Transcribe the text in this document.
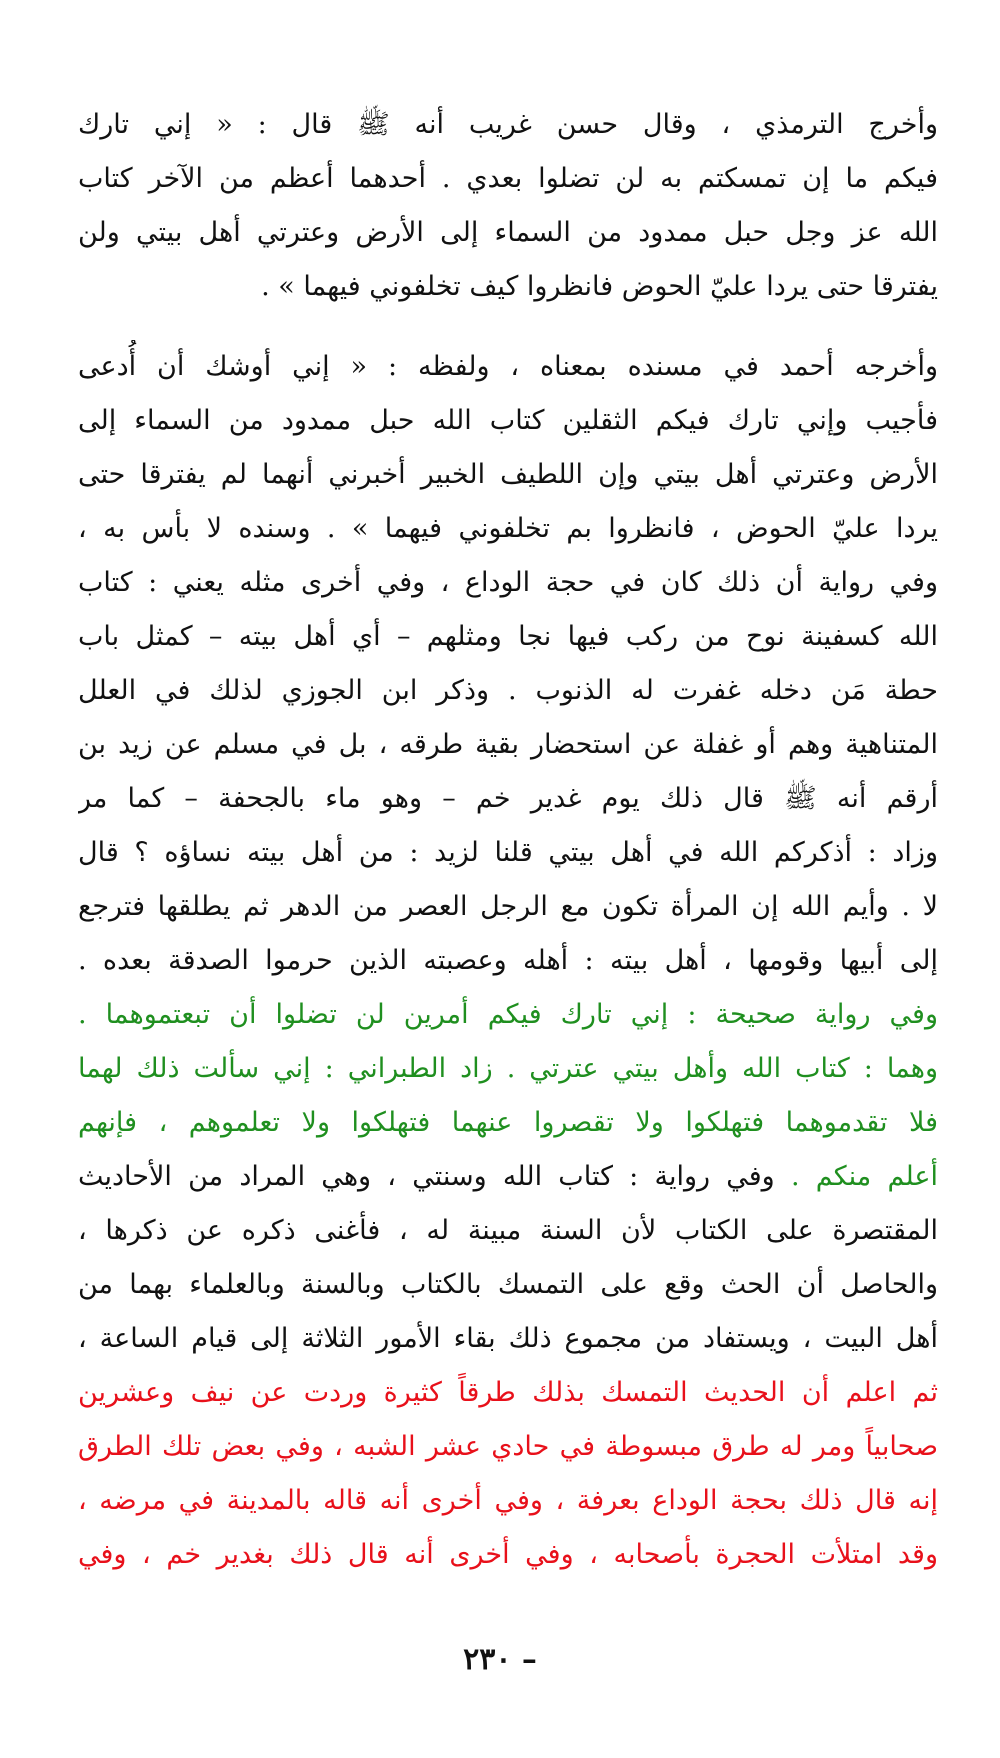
وأخرج الترمذي ، وقال حسن غريب أنه ﷺ قال : « إني تارك
فيكم ما إن تمسكتم به لن تضلوا بعدي . أحدهما أعظم من الآخر كتاب
الله عز وجل حبل ممدود من السماء إلى الأرض وعترتي أهل بيتي ولن
يفترقا حتى يردا عليّ الحوض فانظروا كيف تخلفوني فيهما » .
وأخرجه أحمد في مسنده بمعناه ، ولفظه : « إني أوشك أن أُدعى
فأجيب وإني تارك فيكم الثقلين كتاب الله حبل ممدود من السماء إلى
الأرض وعترتي أهل بيتي وإن اللطيف الخبير أخبرني أنهما لم يفترقا حتى
يردا عليّ الحوض ، فانظروا بم تخلفوني فيهما » . وسنده لا بأس به ،
وفي رواية أن ذلك كان في حجة الوداع ، وفي أخرى مثله يعني : كتاب
الله كسفينة نوح من ركب فيها نجا ومثلهم – أي أهل بيته – كمثل باب
حطة مَن دخله غفرت له الذنوب . وذكر ابن الجوزي لذلك في العلل
المتناهية وهم أو غفلة عن استحضار بقية طرقه ، بل في مسلم عن زيد بن
أرقم أنه ﷺ قال ذلك يوم غدير خم – وهو ماء بالجحفة – كما مر
وزاد : أذكركم الله في أهل بيتي قلنا لزيد : من أهل بيته نساؤه ؟ قال
لا . وأيم الله إن المرأة تكون مع الرجل العصر من الدهر ثم يطلقها فترجع
إلى أبيها وقومها ، أهل بيته : أهله وعصبته الذين حرموا الصدقة بعده .
وفي رواية صحيحة : إني تارك فيكم أمرين لن تضلوا أن تبعتموهما .
وهما : كتاب الله وأهل بيتي عترتي . زاد الطبراني : إني سألت ذلك لهما
فلا تقدموهما فتهلكوا ولا تقصروا عنهما فتهلكوا ولا تعلموهم ، فإنهم
أعلم منكم . وفي رواية : كتاب الله وسنتي ، وهي المراد من الأحاديث
المقتصرة على الكتاب لأن السنة مبينة له ، فأغنى ذكره عن ذكرها ،
والحاصل أن الحث وقع على التمسك بالكتاب وبالسنة وبالعلماء بهما من
أهل البيت ، ويستفاد من مجموع ذلك بقاء الأمور الثلاثة إلى قيام الساعة ،
ثم اعلم أن الحديث التمسك بذلك طرقاً كثيرة وردت عن نيف وعشرين
صحابياً ومر له طرق مبسوطة في حادي عشر الشبه ، وفي بعض تلك الطرق
إنه قال ذلك بحجة الوداع بعرفة ، وفي أخرى أنه قاله بالمدينة في مرضه ،
وقد امتلأت الحجرة بأصحابه ، وفي أخرى أنه قال ذلك بغدير خم ، وفي
– ٢٣٠
